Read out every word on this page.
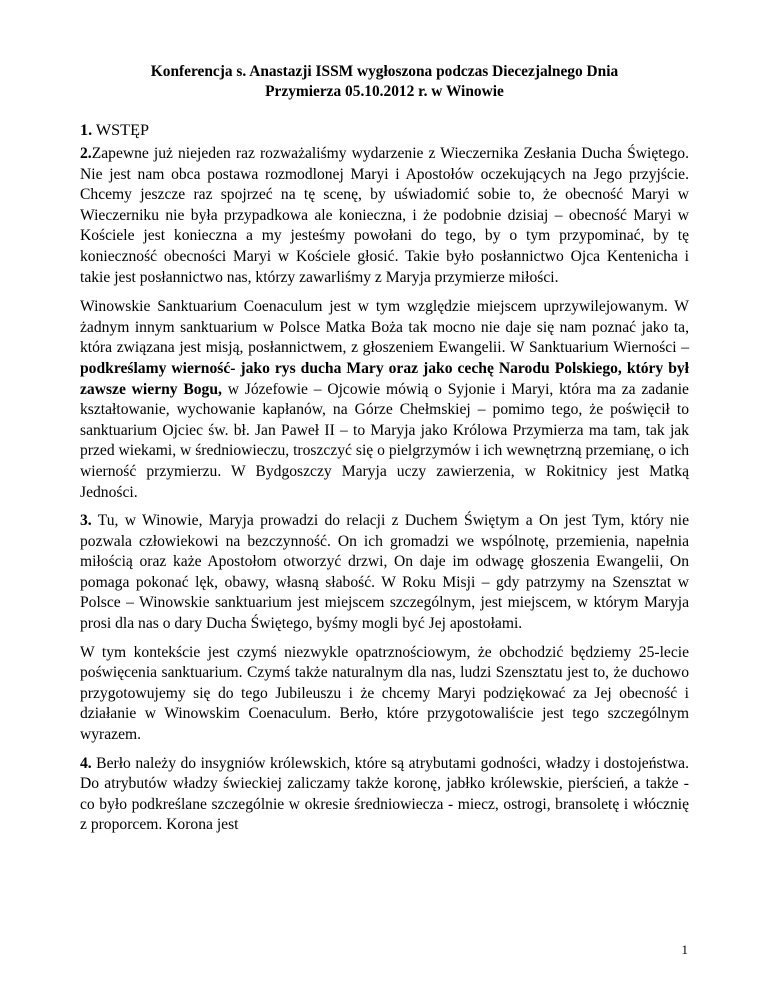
Konferencja s. Anastazji ISSM wygłoszona podczas Diecezjalnego Dnia
Przymierza 05.10.2012 r. w Winowie
1. WSTĘP

2.Zapewne już niejeden raz rozważaliśmy wydarzenie z Wieczernika Zesłania Ducha Świętego. Nie jest nam obca postawa rozmodlonej Maryi i Apostołów oczekujących na Jego przyjście. Chcemy jeszcze raz spojrzeć na tę scenę, by uświadomić sobie to, że obecność Maryi w Wieczerniku nie była przypadkowa ale konieczna, i że podobnie dzisiaj – obecność Maryi w Kościele jest konieczna a my jesteśmy powołani do tego, by o tym przypominać, by tę konieczność obecności Maryi w Kościele głosić. Takie było posłannictwo Ojca Kentenicha i takie jest posłannictwo nas, którzy zawarliśmy z Maryja przymierze miłości.

Winowskie Sanktuarium Coenaculum jest w tym względzie miejscem uprzywilejowanym. W żadnym innym sanktuarium w Polsce Matka Boża tak mocno nie daje się nam poznać jako ta, która związana jest misją, posłannictwem, z głoszeniem Ewangelii. W Sanktuarium Wierności – podkreślamy wierność- jako rys ducha Mary oraz jako cechę Narodu Polskiego, który był zawsze wierny Bogu, w Józefowie – Ojcowie mówią o Syjonie i Maryi, która ma za zadanie kształtowanie, wychowanie kapłanów, na Górze Chełmskiej – pomimo tego, że poświęcił to sanktuarium Ojciec św. bł. Jan Paweł II – to Maryja jako Królowa Przymierza ma tam, tak jak przed wiekami, w średniowieczu, troszczyć się o pielgrzymów i ich wewnętrzną przemianę, o ich wierność przymierzu. W Bydgoszczy Maryja uczy zawierzenia, w Rokitnicy jest Matką Jedności.

3. Tu, w Winowie, Maryja prowadzi do relacji z Duchem Świętym a On jest Tym, który nie pozwala człowiekowi na bezczynność. On ich gromadzi we wspólnotę, przemienia, napełnia miłością oraz każe Apostołom otworzyć drzwi, On daje im odwagę głoszenia Ewangelii, On pomaga pokonać lęk, obawy, własną słabość. W Roku Misji – gdy patrzymy na Szensztat w Polsce – Winowskie sanktuarium jest miejscem szczególnym, jest miejscem, w którym Maryja prosi dla nas o dary Ducha Świętego, byśmy mogli być Jej apostołami.

W tym kontekście jest czymś niezwykle opatrznościowym, że obchodzić będziemy 25-lecie poświęcenia sanktuarium. Czymś także naturalnym dla nas, ludzi Szensztatu jest to, że duchowo przygotowujemy się do tego Jubileuszu i że chcemy Maryi podziękować za Jej obecność i działanie w Winowskim Coenaculum. Berło, które przygotowaliście jest tego szczególnym wyrazem.

4. Berło należy do insygniów królewskich, które są atrybutami godności, władzy i dostojeństwa. Do atrybutów władzy świeckiej zaliczamy także koronę, jabłko królewskie, pierścień, a także - co było podkreślane szczególnie w okresie średniowiecza - miecz, ostrogi, bransoletę i włócznię z proporcem. Korona jest

1
